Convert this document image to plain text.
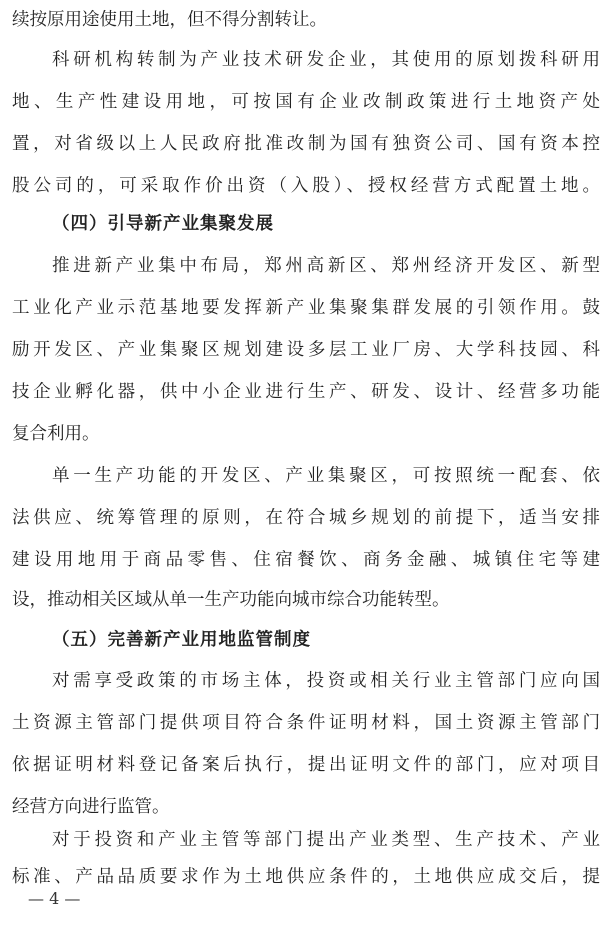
续按原用途使用土地，但不得分割转让。
科研机构转制为产业技术研发企业，其使用的原划拨科研用
地、生产性建设用地，可按国有企业改制政策进行土地资产处
置，对省级以上人民政府批准改制为国有独资公司、国有资本控
股公司的，可采取作价出资（入股）、授权经营方式配置土地。
（四）引导新产业集聚发展
推进新产业集中布局，郑州高新区、郑州经济开发区、新型
工业化产业示范基地要发挥新产业集聚集群发展的引领作用。鼓
励开发区、产业集聚区规划建设多层工业厂房、大学科技园、科
技企业孵化器，供中小企业进行生产、研发、设计、经营多功能
复合利用。
单一生产功能的开发区、产业集聚区，可按照统一配套、依
法供应、统筹管理的原则，在符合城乡规划的前提下，适当安排
建设用地用于商品零售、住宿餐饮、商务金融、城镇住宅等建
设，推动相关区域从单一生产功能向城市综合功能转型。
（五）完善新产业用地监管制度
对需享受政策的市场主体，投资或相关行业主管部门应向国
土资源主管部门提供项目符合条件证明材料，国土资源主管部门
依据证明材料登记备案后执行，提出证明文件的部门，应对项目
经营方向进行监管。
对于投资和产业主管等部门提出产业类型、生产技术、产业
标准、产品品质要求作为土地供应条件的，土地供应成交后，提
— 4 —
